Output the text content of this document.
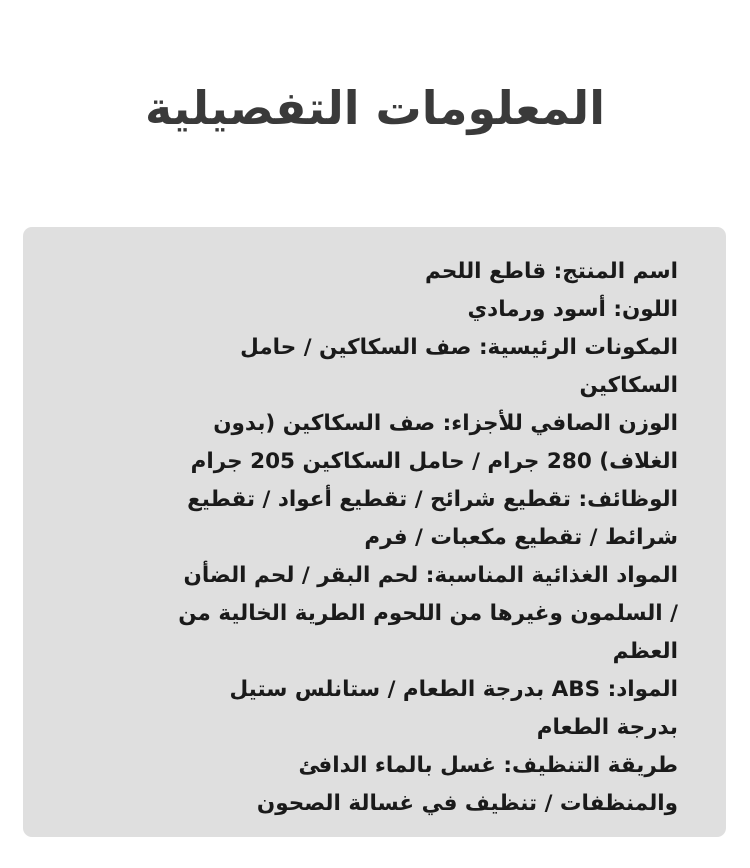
المعلومات التفصيلية
اسم المنتج: قاطع اللحم
اللون: أسود ورمادي
المكونات الرئيسية: صف السكاكين / حامل السكاكين
الوزن الصافي للأجزاء: صف السكاكين (بدون الغلاف) 280 جرام / حامل السكاكين 205 جرام
الوظائف: تقطيع شرائح / تقطيع أعواد / تقطيع شرائط / تقطيع مكعبات / فرم
المواد الغذائية المناسبة: لحم البقر / لحم الضأن / السلمون وغيرها من اللحوم الطرية الخالية من العظم
المواد: ABS بدرجة الطعام / ستانلس ستيل بدرجة الطعام
طريقة التنظيف: غسل بالماء الدافئ والمنظفات / تنظيف في غسالة الصحون
